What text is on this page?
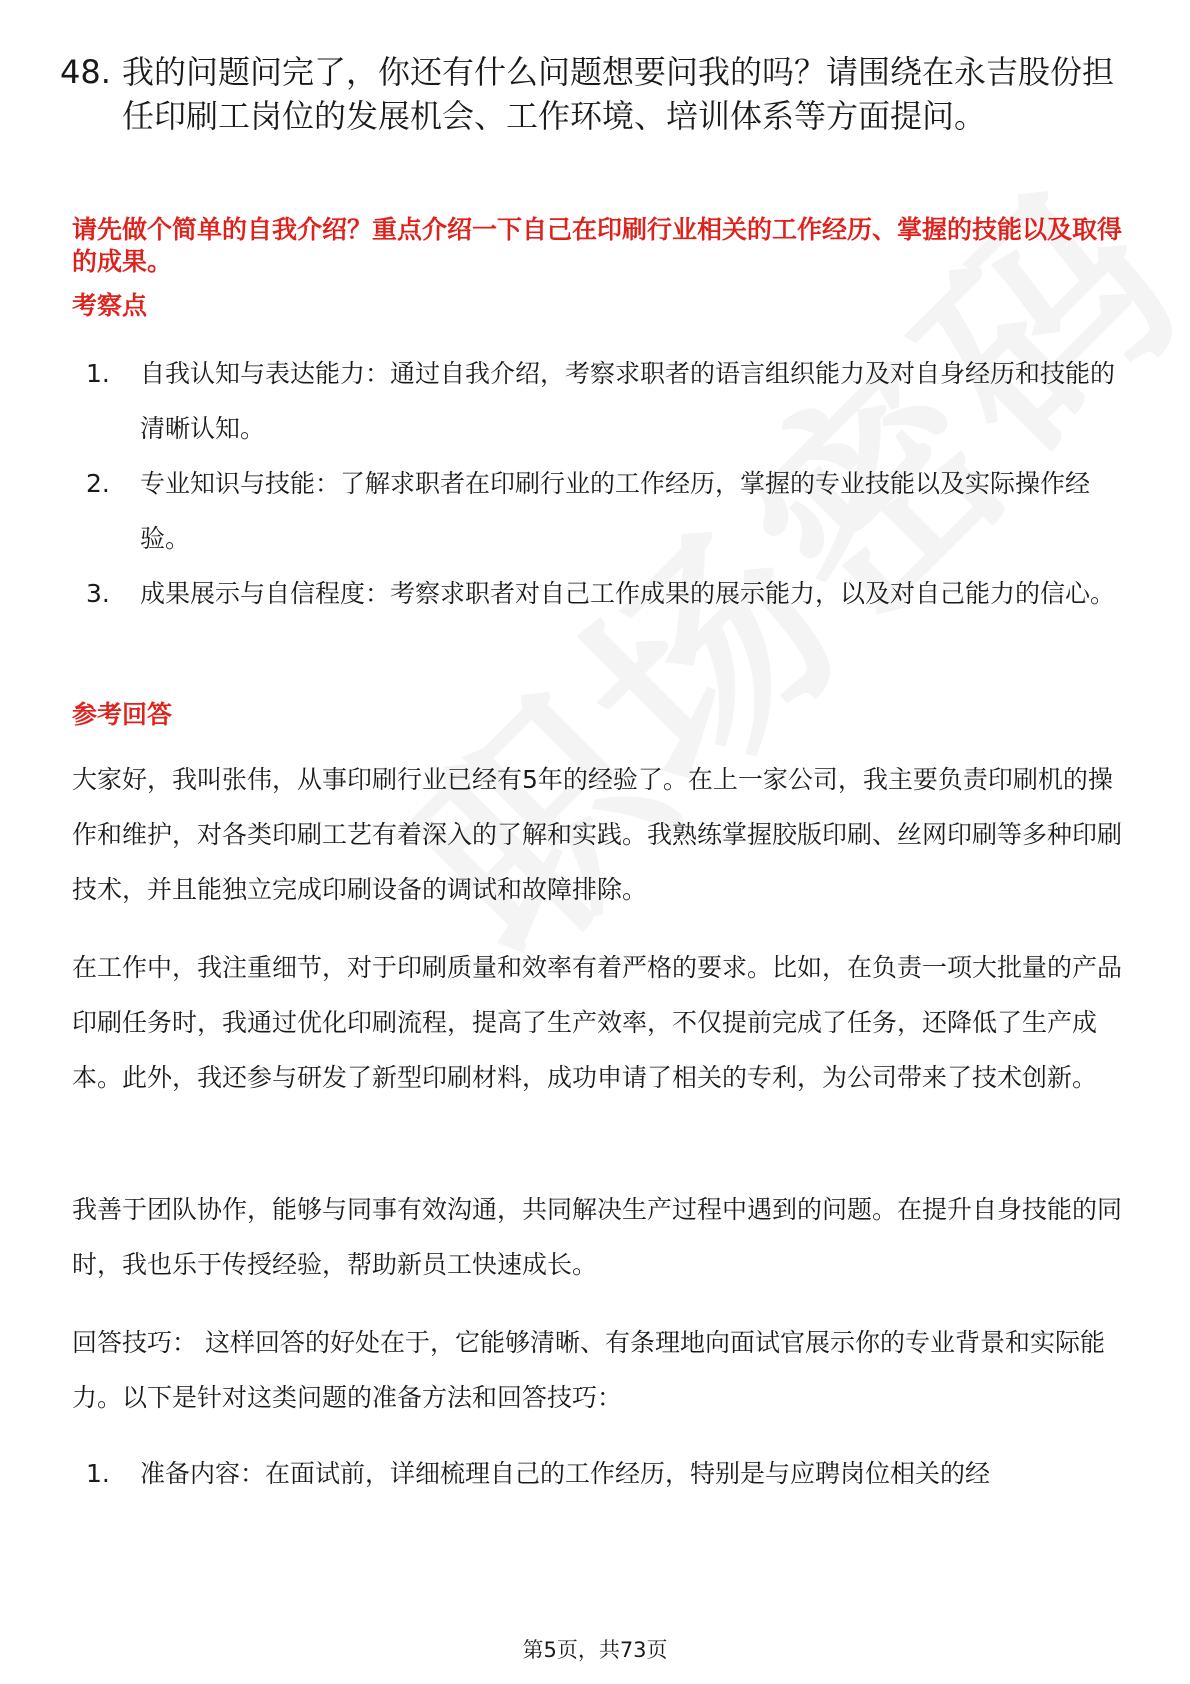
48. 我的问题问完了，你还有什么问题想要问我的吗？请围绕在永吉股份担任印刷工岗位的发展机会、工作环境、培训体系等方面提问。
请先做个简单的自我介绍？重点介绍一下自己在印刷行业相关的工作经历、掌握的技能以及取得的成果。
考察点
1.	自我认知与表达能力：通过自我介绍，考察求职者的语言组织能力及对自身经历和技能的清晰认知。
2.	专业知识与技能：了解求职者在印刷行业的工作经历，掌握的专业技能以及实际操作经验。
3.	成果展示与自信程度：考察求职者对自己工作成果的展示能力，以及对自己能力的信心。
参考回答
大家好，我叫张伟，从事印刷行业已经有5年的经验了。在上一家公司，我主要负责印刷机的操作和维护，对各类印刷工艺有着深入的了解和实践。我熟练掌握胶版印刷、丝网印刷等多种印刷技术，并且能独立完成印刷设备的调试和故障排除。
在工作中，我注重细节，对于印刷质量和效率有着严格的要求。比如，在负责一项大批量的产品印刷任务时，我通过优化印刷流程，提高了生产效率，不仅提前完成了任务，还降低了生产成本。此外，我还参与研发了新型印刷材料，成功申请了相关的专利，为公司带来了技术创新。
我善于团队协作，能够与同事有效沟通，共同解决生产过程中遇到的问题。在提升自身技能的同时，我也乐于传授经验，帮助新员工快速成长。
回答技巧： 这样回答的好处在于，它能够清晰、有条理地向面试官展示你的专业背景和实际能力。以下是针对这类问题的准备方法和回答技巧：
1.	准备内容：在面试前，详细梳理自己的工作经历，特别是与应聘岗位相关的经
第5页，共73页
